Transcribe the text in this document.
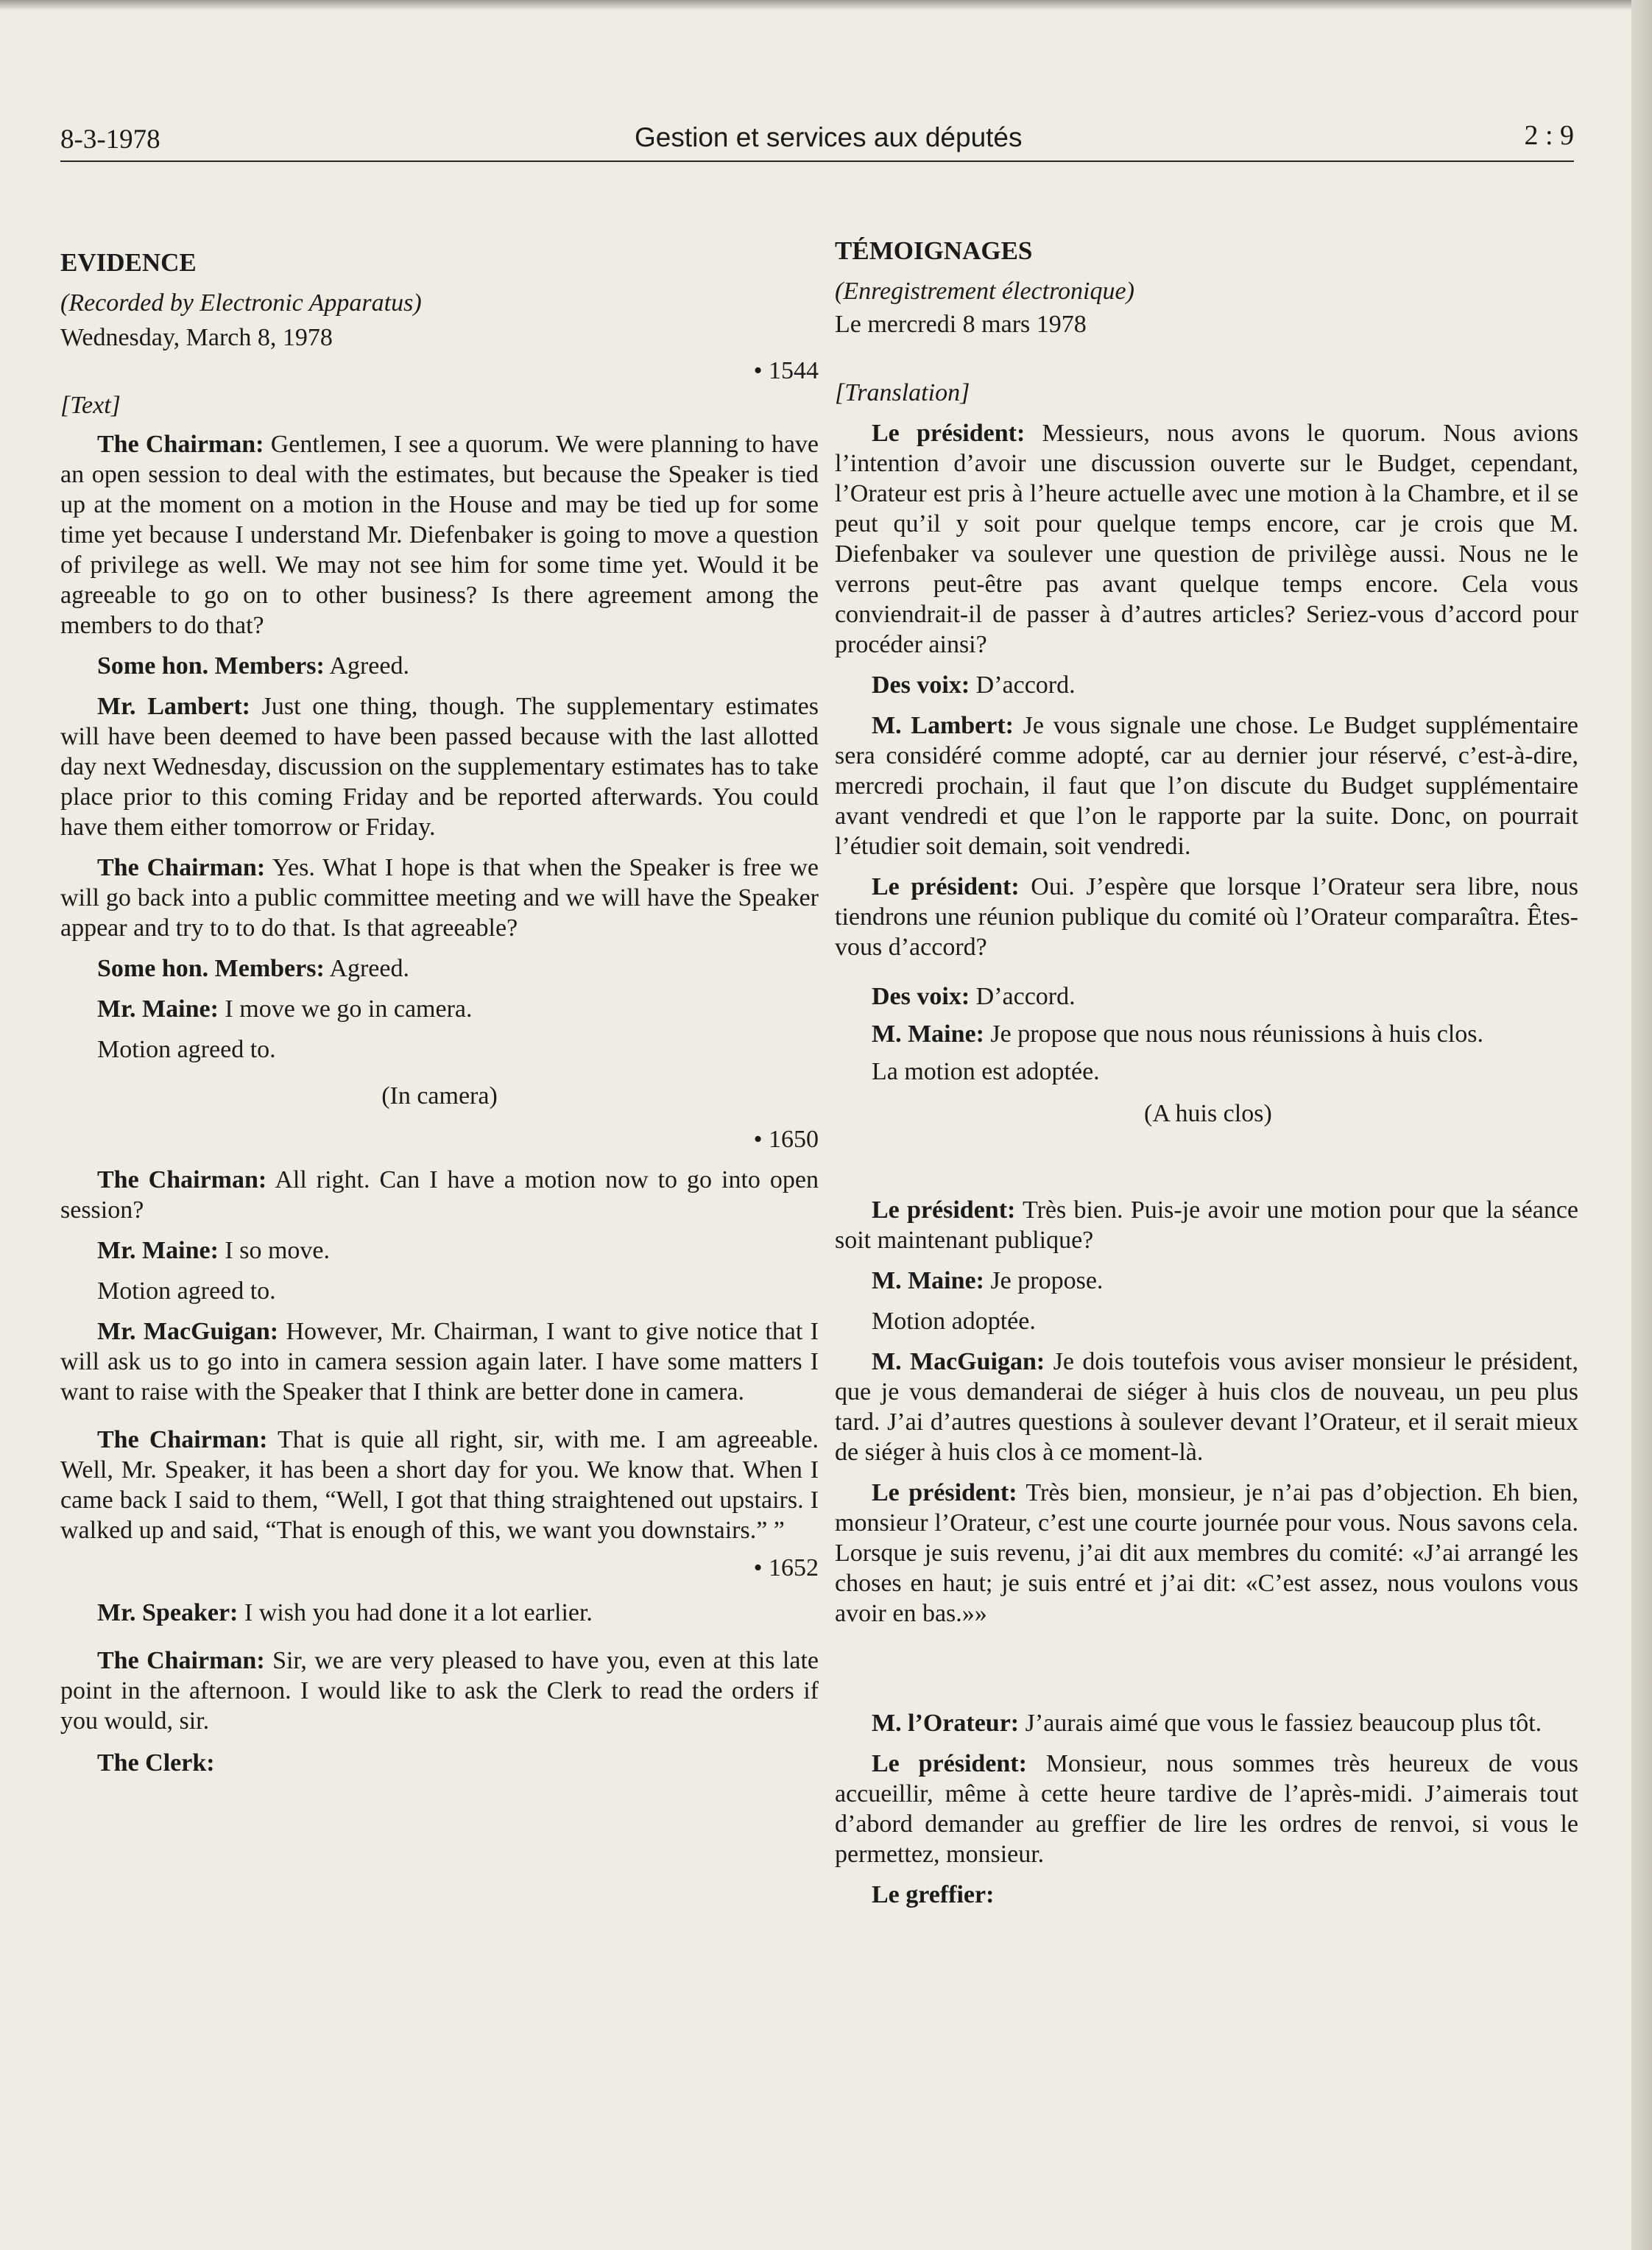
8-3-1978	Gestion et services aux députés	2 : 9

EVIDENCE

(Recorded by Electronic Apparatus)

Wednesday, March 8, 1978

• 1544

[Text]

The Chairman: Gentlemen, I see a quorum. We were planning to have an open session to deal with the estimates, but because the Speaker is tied up at the moment on a motion in the House and may be tied up for some time yet because I understand Mr. Diefenbaker is going to move a question of privilege as well. We may not see him for some time yet. Would it be agreeable to go on to other business? Is there agreement among the members to do that?

Some hon. Members: Agreed.

Mr. Lambert: Just one thing, though. The supplementary estimates will have been deemed to have been passed because with the last allotted day next Wednesday, discussion on the supplementary estimates has to take place prior to this coming Friday and be reported afterwards. You could have them either tomorrow or Friday.

The Chairman: Yes. What I hope is that when the Speaker is free we will go back into a public committee meeting and we will have the Speaker appear and try to to do that. Is that agreeable?

Some hon. Members: Agreed.

Mr. Maine: I move we go in camera.

Motion agreed to.

(In camera)

• 1650

The Chairman: All right. Can I have a motion now to go into open session?

Mr. Maine: I so move.

Motion agreed to.

Mr. MacGuigan: However, Mr. Chairman, I want to give notice that I will ask us to go into in camera session again later. I have some matters I want to raise with the Speaker that I think are better done in camera.

The Chairman: That is quie all right, sir, with me. I am agreeable. Well, Mr. Speaker, it has been a short day for you. We know that. When I came back I said to them, “Well, I got that thing straightened out upstairs. I walked up and said, “That is enough of this, we want you downstairs.” ”

• 1652

Mr. Speaker: I wish you had done it a lot earlier.

The Chairman: Sir, we are very pleased to have you, even at this late point in the afternoon. I would like to ask the Clerk to read the orders if you would, sir.

The Clerk:

TÉMOIGNAGES

(Enregistrement électronique)

Le mercredi 8 mars 1978

[Translation]

Le président: Messieurs, nous avons le quorum. Nous avions l’intention d’avoir une discussion ouverte sur le Budget, cependant, l’Orateur est pris à l’heure actuelle avec une motion à la Chambre, et il se peut qu’il y soit pour quelque temps encore, car je crois que M. Diefenbaker va soulever une question de privilège aussi. Nous ne le verrons peut-être pas avant quelque temps encore. Cela vous conviendrait-il de passer à d’autres articles? Seriez-vous d’accord pour procéder ainsi?

Des voix: D’accord.

M. Lambert: Je vous signale une chose. Le Budget supplémentaire sera considéré comme adopté, car au dernier jour réservé, c’est-à-dire, mercredi prochain, il faut que l’on discute du Budget supplémentaire avant vendredi et que l’on le rapporte par la suite. Donc, on pourrait l’étudier soit demain, soit vendredi.

Le président: Oui. J’espère que lorsque l’Orateur sera libre, nous tiendrons une réunion publique du comité où l’Orateur comparaîtra. Êtes-vous d’accord?

Des voix: D’accord.

M. Maine: Je propose que nous nous réunissions à huis clos.

La motion est adoptée.

(A huis clos)

Le président: Très bien. Puis-je avoir une motion pour que la séance soit maintenant publique?

M. Maine: Je propose.

Motion adoptée.

M. MacGuigan: Je dois toutefois vous aviser monsieur le président, que je vous demanderai de siéger à huis clos de nouveau, un peu plus tard. J’ai d’autres questions à soulever devant l’Orateur, et il serait mieux de siéger à huis clos à ce moment-là.

Le président: Très bien, monsieur, je n’ai pas d’objection. Eh bien, monsieur l’Orateur, c’est une courte journée pour vous. Nous savons cela. Lorsque je suis revenu, j’ai dit aux membres du comité: «J’ai arrangé les choses en haut; je suis entré et j’ai dit: «C’est assez, nous voulons vous avoir en bas.»»

M. l’Orateur: J’aurais aimé que vous le fassiez beaucoup plus tôt.

Le président: Monsieur, nous sommes très heureux de vous accueillir, même à cette heure tardive de l’après-midi. J’aimerais tout d’abord demander au greffier de lire les ordres de renvoi, si vous le permettez, monsieur.

Le greffier:
